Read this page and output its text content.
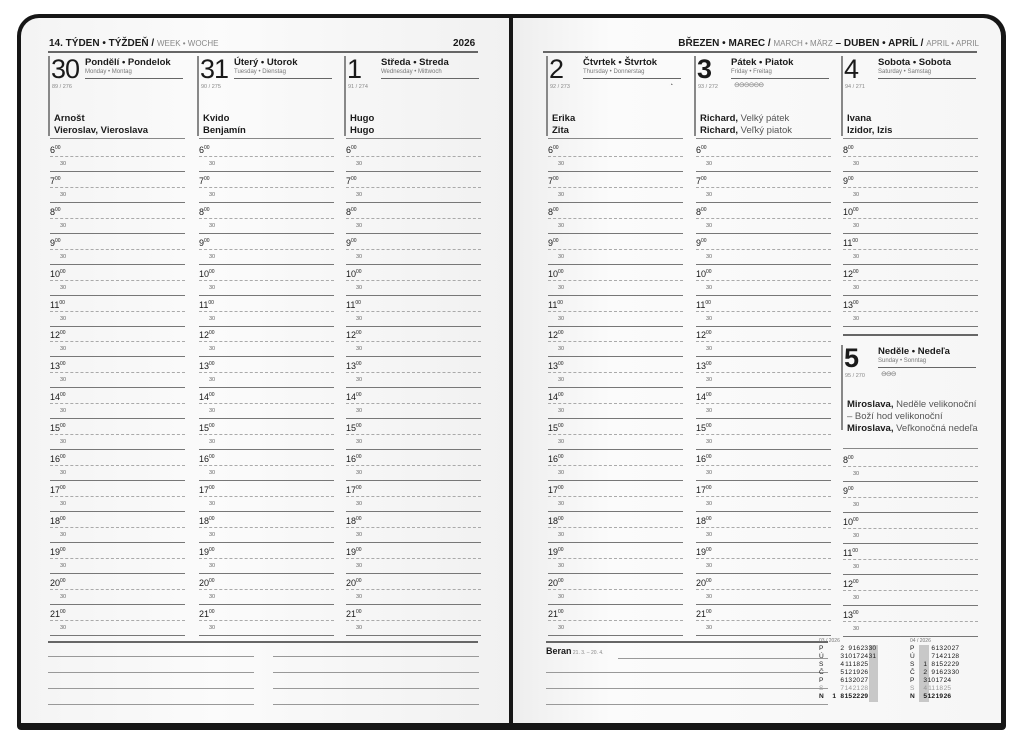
14. TÝDEN • TÝŽDEŇ / WEEK • WOCHE	2026
30 Pondělí • Pondelok
Monday • Montag
89 / 276
Arnošt
Vieroslav, Vieroslava
$6^{00}$
30
$7^{00}$
30
$8^{00}$
30
$9^{00}$
30
$10^{00}$
30
$11^{00}$
30
$12^{00}$
30
$13^{00}$
30
$14^{00}$
30
$15^{00}$
30
$16^{00}$
30
$17^{00}$
30
$18^{00}$
30
$19^{00}$
30
$20^{00}$
30
$21^{00}$
30
31 Úterý • Utorok
Tuesday • Dienstag
90 / 275
Kvido
Benjamín
$6^{00}$
30
$7^{00}$
30
$8^{00}$
30
$9^{00}$
30
$10^{00}$
30
$11^{00}$
30
$12^{00}$
30
$13^{00}$
30
$14^{00}$
30
$15^{00}$
30
$16^{00}$
30
$17^{00}$
30
$18^{00}$
30
$19^{00}$
30
$20^{00}$
30
$21^{00}$
30
1 Středa • Streda
Wednesday • Mittwoch
91 / 274
Hugo
Hugo
$6^{00}$
30
$7^{00}$
30
$8^{00}$
30
$9^{00}$
30
$10^{00}$
30
$11^{00}$
30
$12^{00}$
30
$13^{00}$
30
$14^{00}$
30
$15^{00}$
30
$16^{00}$
30
$17^{00}$
30
$18^{00}$
30
$19^{00}$
30
$20^{00}$
30
$21^{00}$
30
BŘEZEN • MAREC / MARCH • MÄRZ – DUBEN • APRÍL / APRIL • APRIL
2 Čtvrtek • Štvrtok
Thursday • Donnerstag
92 / 273	◔
Erika
Zita
$6^{00}$
30
$7^{00}$
30
$8^{00}$
30
$9^{00}$
30
$10^{00}$
30
$11^{00}$
30
$12^{00}$
30
$13^{00}$
30
$14^{00}$
30
$15^{00}$
30
$16^{00}$
30
$17^{00}$
30
$18^{00}$
30
$19^{00}$
30
$20^{00}$
30
$21^{00}$
30
3 Pátek • Piatok
Friday • Freitag
93 / 272 ⊖⊖⊖⊖⊖⊖
Richard, Velký pátek
Richard, Veľký piatok
$6^{00}$
30
$7^{00}$
30
$8^{00}$
30
$9^{00}$
30
$10^{00}$
30
$11^{00}$
30
$12^{00}$
30
$13^{00}$
30
$14^{00}$
30
$15^{00}$
30
$16^{00}$
30
$17^{00}$
30
$18^{00}$
30
$19^{00}$
30
$20^{00}$
30
$21^{00}$
30
4 Sobota • Sobota
Saturday • Samstag
94 / 271
Ivana
Izidor, Izis
$8^{00}$
30
$9^{00}$
30
$10^{00}$
30
$11^{00}$
30
$12^{00}$
30
$13^{00}$
30
5 Neděle • Nedeľa
Sunday • Sonntag
95 / 270 ⊖⊖⊖
Miroslava, Neděle velikonoční
– Boží hod velikonoční
Miroslava, Veľkonočná nedeľa
$8^{00}$
30
$9^{00}$
30
$10^{00}$
30
$11^{00}$
30
$12^{00}$
30
$13^{00}$
30
Beran 21. 3. – 20. 4.
03 / 2026
P	2 9 16 23 30
Ú	3 10 17 24 31
S	4 11 18 25
Č	5 12 19 26
P	6 13 20 27
S	7 14 21 28
N	1 8 15 22 29
04 / 2026
P	6 13 20 27
Ú	7 14 21 28
S	1 8 15 22 29
Č	2 9 16 23 30
P	3 10 17 24
S	4 11 18 25
N	5 12 19 26
